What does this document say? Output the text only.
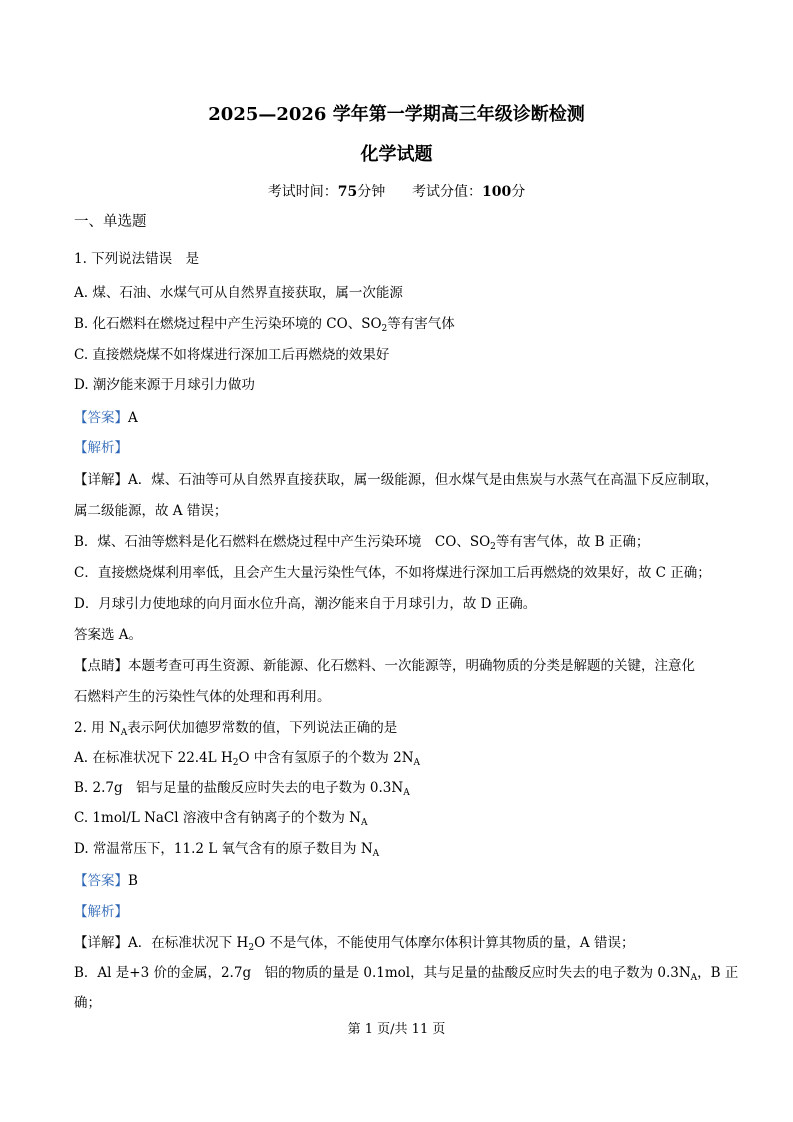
2025—2026 学年第一学期高三年级诊断检测
化学试题
考试时间：75分钟 考试分值：100分
一、单选题
1. 下列说法错误　是
A. 煤、石油、水煤气可从自然界直接获取，属一次能源
B. 化石燃料在燃烧过程中产生污染环境的 CO、$SO_2$等有害气体
C. 直接燃烧煤不如将煤进行深加工后再燃烧的效果好
D. 潮汐能来源于月球引力做功
【答案】A
【解析】
【详解】A．煤、石油等可从自然界直接获取，属一级能源，但水煤气是由焦炭与水蒸气在高温下反应制取，
属二级能源，故 A 错误；
B．煤、石油等燃料是化石燃料在燃烧过程中产生污染环境　CO、$SO_2$等有害气体，故 B 正确；
C．直接燃烧煤利用率低，且会产生大量污染性气体，不如将煤进行深加工后再燃烧的效果好，故 C 正确；
D．月球引力使地球的向月面水位升高，潮汐能来自于月球引力，故 D 正确。
答案选 A。
【点睛】本题考查可再生资源、新能源、化石燃料、一次能源等，明确物质的分类是解题的关键，注意化
石燃料产生的污染性气体的处理和再利用。
2. 用 $N_A$表示阿伏加德罗常数的值，下列说法正确的是
A. 在标准状况下 22.4L $H_2O$ 中含有氢原子的个数为 $2N_A$
B. 2.7g　铝与足量的盐酸反应时失去的电子数为 $0.3N_A$
C. 1mol/L NaCl 溶液中含有钠离子的个数为 $N_A$
D. 常温常压下，11.2 L 氧气含有的原子数目为 $N_A$
【答案】B
【解析】
【详解】A．在标准状况下 $H_2O$ 不是气体，不能使用气体摩尔体积计算其物质的量，A 错误；
B．Al 是+3 价的金属，2.7g　铝的物质的量是 0.1mol，其与足量的盐酸反应时失去的电子数为 $0.3N_A$，B 正
确；
第 1 页/共 11 页
